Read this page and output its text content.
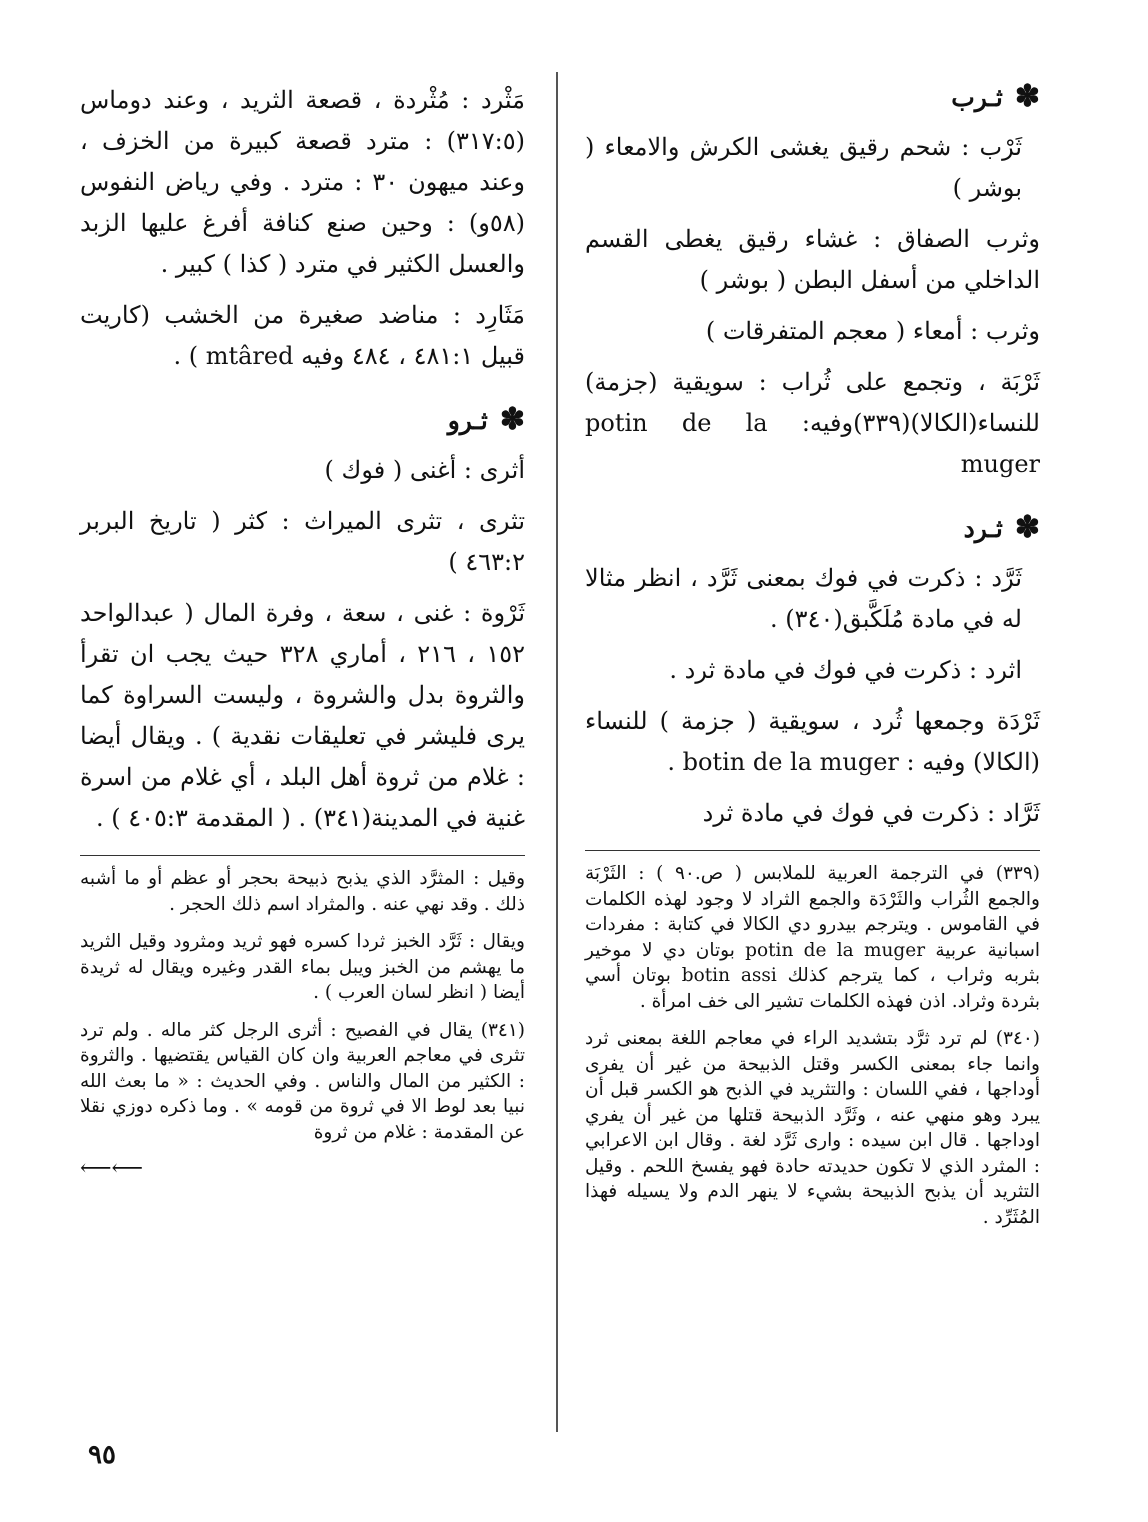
✽ثـرب

ثَرْب : شحم رقيق يغشى الكرش والامعاء ( بوشر )

وثرب الصفاق : غشاء رقيق يغطى القسم الداخلي من أسفل البطن ( بوشر )

وثرب : أمعاء ( معجم المتفرقات )

ثَرْبَة ، وتجمع على ثُراب : سويقية (جزمة) للنساء(الكالا)(٣٣٩)وفيه: potin de la muger

✽ثـرد

ثَرَّد : ذكرت في فوك بمعنى ثَرَّد ، انظر مثالا له في مادة مُلَكَّبق(٣٤٠) .

اثرد : ذكرت في فوك في مادة ثرد .

ثَرْدَة وجمعها ثُرد ، سويقية ( جزمة ) للنساء (الكالا) وفيه : botin de la muger .

ثَرَّاد : ذكرت في فوك في مادة ثرد

(٣٣٩) في الترجمة العربية للملابس ( ص.٩٠ ) : الثَرْبَة والجمع الثُراب والثَرْدَة والجمع الثراد لا وجود لهذه الكلمات في القاموس . ويترجم بيدرو دي الكالا في كتابة : مفردات اسبانية عربية potin de la muger بوتان دي لا موخير بثربه وثراب ، كما يترجم كذلك botin assi بوتان أسي بثردة وثراد. اذن فهذه الكلمات تشير الى خف امرأة .

(٣٤٠) لم ترد ثرَّد بتشديد الراء في معاجم اللغة بمعنى ثرد وانما جاء بمعنى الكسر وقتل الذبيحة من غير أن يفرى أوداجها ، ففي اللسان : والتثريد في الذبح هو الكسر قبل أن يبرد وهو منهي عنه ، وثَرَّد الذبيحة قتلها من غير أن يفري اوداجها . قال ابن سيده : وارى ثَرَّد لغة . وقال ابن الاعرابي : المثرد الذي لا تكون حديدته حادة فهو يفسخ اللحم . وقيل التثريد أن يذبح الذبيحة بشيء لا ينهر الدم ولا يسيله فهذا المُثَرِّد .

مَثْرد : مُثْردة ، قصعة الثريد ، وعند دوماس (٣١٧:٥) : مترد قصعة كبيرة من الخزف ، وعند ميهون ٣٠ : مترد . وفي رياض النفوس (٥٨و) : وحين صنع كنافة أفرغ عليها الزبد والعسل الكثير في مترد ( كذا ) كبير .

مَثَارِد : مناضد صغيرة من الخشب (كاريت قبيل ٤٨١:١ ، ٤٨٤ وفيه mtâred ) .

✽ثـرو

أثرى : أغنى ( فوك )

تثرى ، تثرى الميراث : كثر ( تاريخ البربر ٤٦٣:٢ )

ثَرْوة : غنى ، سعة ، وفرة المال ( عبدالواحد ١٥٢ ، ٢١٦ ، أماري ٣٢٨ حيث يجب ان تقرأ والثروة بدل والشروة ، وليست السراوة كما يرى فليشر في تعليقات نقدية ) . ويقال أيضا : غلام من ثروة أهل البلد ، أي غلام من اسرة غنية في المدينة(٣٤١) . ( المقدمة ٤٠٥:٣ ) .

وقيل : المثرَّد الذي يذبح ذبيحة بحجر أو عظم أو ما أشبه ذلك . وقد نهي عنه . والمثراد اسم ذلك الحجر .

ويقال : ثَرَّد الخبز ثردا كسره فهو ثريد ومثرود وقيل الثريد ما يهشم من الخبز ويبل بماء القدر وغيره ويقال له ثريدة أيضا ( انظر لسان العرب ) .

(٣٤١) يقال في الفصيح : أثرى الرجل كثر ماله . ولم ترد تثرى في معاجم العربية وان كان القياس يقتضيها . والثروة : الكثير من المال والناس . وفي الحديث : « ما بعث الله نبيا بعد لوط الا في ثروة من قومه » . وما ذكره دوزي نقلا عن المقدمة : غلام من ثروة

⟵⟵
٩٥
